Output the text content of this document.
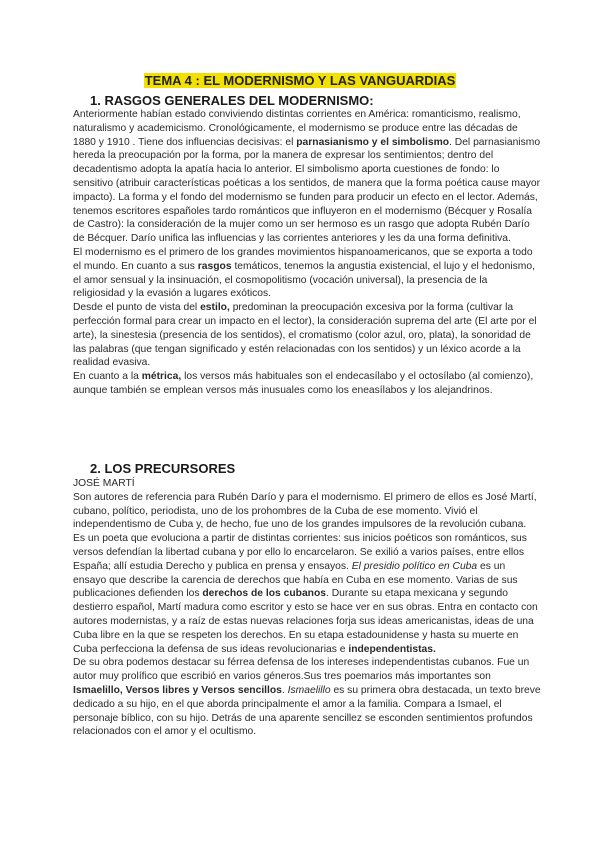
TEMA 4 : EL MODERNISMO Y LAS VANGUARDIAS
1. RASGOS GENERALES DEL MODERNISMO:

Anteriormente habían estado conviviendo distintas corrientes en América: romanticismo, realismo, naturalismo y academicismo. Cronológicamente, el modernismo se produce entre las décadas de 1880 y 1910 . Tiene dos influencias decisivas: el parnasianismo y el simbolismo. Del parnasianismo hereda la preocupación por la forma, por la manera de expresar los sentimientos; dentro del decadentismo adopta la apatía hacia lo anterior. El simbolismo aporta cuestiones de fondo: lo sensitivo (atribuir características poéticas a los sentidos, de manera que la forma poética cause mayor impacto). La forma y el fondo del modernismo se funden para producir un efecto en el lector. Además, tenemos escritores españoles tardo románticos que influyeron en el modernismo (Bécquer y Rosalía de Castro): la consideración de la mujer como un ser hermoso es un rasgo que adopta Rubén Darío de Bécquer. Darío unifica las influencias y las corrientes anteriores y les da una forma definitiva.

El modernismo es el primero de los grandes movimientos hispanoamericanos, que se exporta a todo el mundo. En cuanto a sus rasgos temáticos, tenemos la angustia existencial, el lujo y el hedonismo, el amor sensual y la insinuación, el cosmopolitismo (vocación universal), la presencia de la religiosidad y la evasión a lugares exóticos.

Desde el punto de vista del estilo, predominan la preocupación excesiva por la forma (cultivar la perfección formal para crear un impacto en el lector), la consideración suprema del arte (El arte por el arte), la sinestesia (presencia de los sentidos), el cromatismo (color azul, oro, plata), la sonoridad de las palabras (que tengan significado y estén relacionadas con los sentidos) y un léxico acorde a la realidad evasiva.

En cuanto a la métrica, los versos más habituales son el endecasílabo y el octosílabo (al comienzo), aunque también se emplean versos más inusuales como los eneasílabos y los alejandrinos.

2. LOS PRECURSORES

JOSÉ MARTÍ

Son autores de referencia para Rubén Darío y para el modernismo. El primero de ellos es José Martí, cubano, político, periodista, uno de los prohombres de la Cuba de ese momento. Vivió el independentismo de Cuba y, de hecho, fue uno de los grandes impulsores de la revolución cubana. Es un poeta que evoluciona a partir de distintas corrientes: sus inicios poéticos son románticos, sus versos defendían la libertad cubana y por ello lo encarcelaron. Se exilió a varios países, entre ellos España; allí estudia Derecho y publica en prensa y ensayos. El presidio político en Cuba es un ensayo que describe la carencia de derechos que había en Cuba en ese momento. Varias de sus publicaciones defienden los derechos de los cubanos. Durante su etapa mexicana y segundo destierro español, Martí madura como escritor y esto se hace ver en sus obras. Entra en contacto con autores modernistas, y a raíz de estas nuevas relaciones forja sus ideas americanistas, ideas de una Cuba libre en la que se respeten los derechos. En su etapa estadounidense y hasta su muerte en Cuba perfecciona la defensa de sus ideas revolucionarias e independentistas.

De su obra podemos destacar su férrea defensa de los intereses independentistas cubanos. Fue un autor muy prolífico que escribió en varios géneros.Sus tres poemarios más importantes son Ismaelillo, Versos libres y Versos sencillos. Ismaelillo es su primera obra destacada, un texto breve dedicado a su hijo, en el que aborda principalmente el amor a la familia. Compara a Ismael, el personaje bíblico, con su hijo. Detrás de una aparente sencillez se esconden sentimientos profundos relacionados con el amor y el ocultismo.
